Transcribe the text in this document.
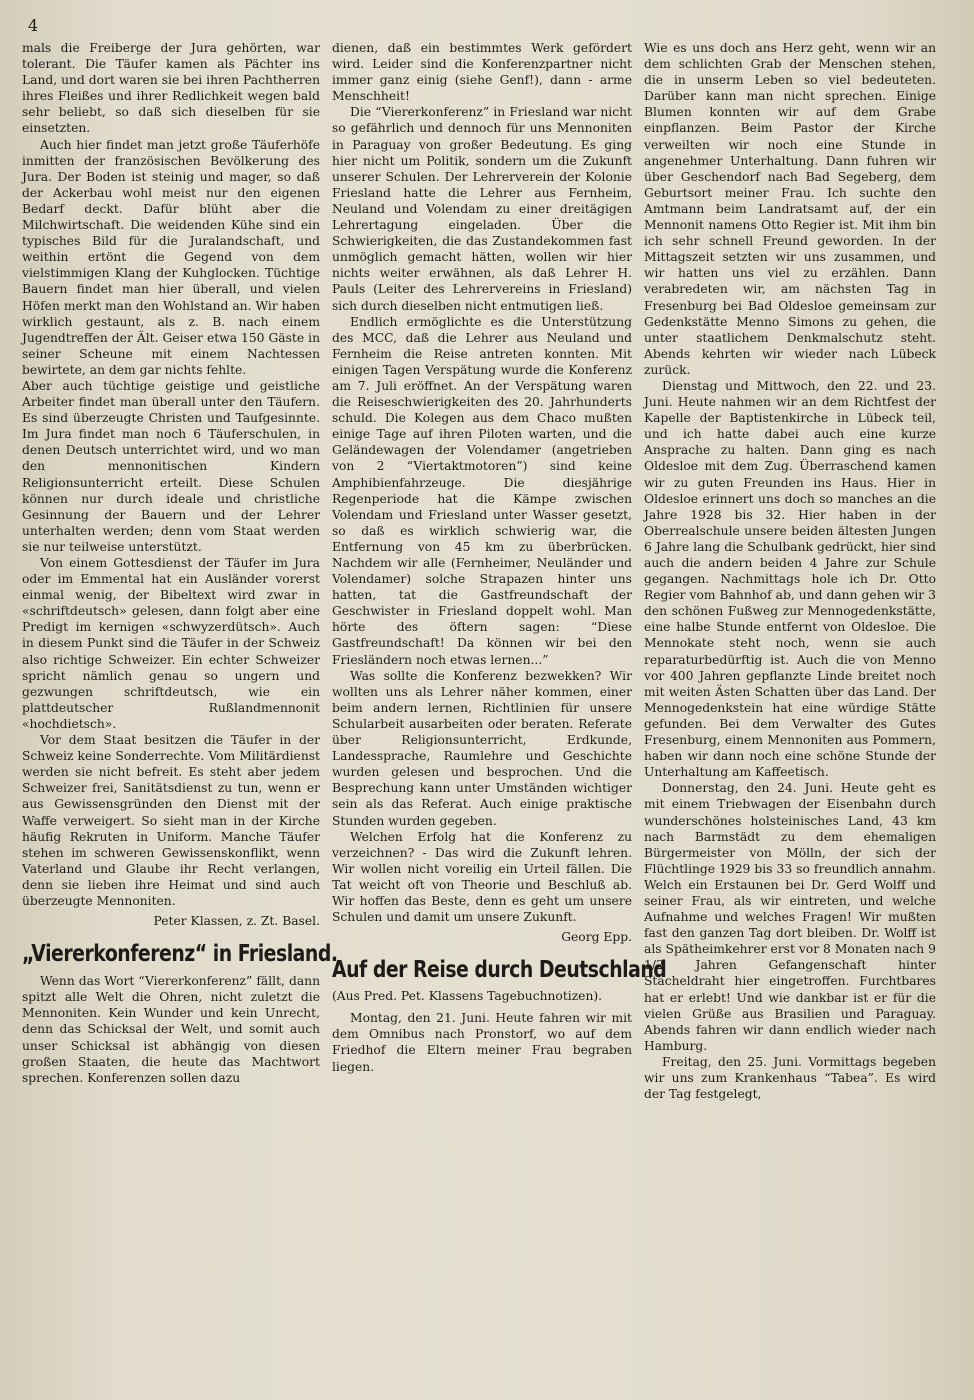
4

mals die Freiberge der Jura gehörten, war tolerant. Die Täufer kamen als Pächter ins Land, und dort waren sie bei ihren Pachtherren ihres Fleißes und ihrer Redlichkeit wegen bald sehr beliebt, so daß sich dieselben für sie einsetzten.

Auch hier findet man jetzt große Täuferhöfe inmitten der französischen Bevölkerung des Jura. Der Boden ist steinig und mager, so daß der Ackerbau wohl meist nur den eigenen Bedarf deckt. Dafür blüht aber die Milchwirtschaft. Die weidenden Kühe sind ein typisches Bild für die Juralandschaft, und weithin ertönt die Gegend von dem vielstimmigen Klang der Kuhglocken. Tüchtige Bauern findet man hier überall, und vielen Höfen merkt man den Wohlstand an. Wir haben wirklich gestaunt, als z. B. nach einem Jugendtreffen der Ält. Geiser etwa 150 Gäste in seiner Scheune mit einem Nachtessen bewirtete, an dem gar nichts fehlte.

Aber auch tüchtige geistige und geistliche Arbeiter findet man überall unter den Täufern. Es sind überzeugte Christen und Taufgesinnte. Im Jura findet man noch 6 Täuferschulen, in denen Deutsch unterrichtet wird, und wo man den mennonitischen Kindern Religionsunterricht erteilt. Diese Schulen können nur durch ideale und christliche Gesinnung der Bauern und der Lehrer unterhalten werden; denn vom Staat werden sie nur teilweise unterstützt.

Von einem Gottesdienst der Täufer im Jura oder im Emmental hat ein Ausländer vorerst einmal wenig, der Bibeltext wird zwar in «schriftdeutsch» gelesen, dann folgt aber eine Predigt im kernigen «schwyzerdütsch». Auch in diesem Punkt sind die Täufer in der Schweiz also richtige Schweizer. Ein echter Schweizer spricht nämlich genau so ungern und gezwungen schriftdeutsch, wie ein plattdeutscher Rußlandmennonit «hochdietsch».

Vor dem Staat besitzen die Täufer in der Schweiz keine Sonderrechte. Vom Militärdienst werden sie nicht befreit. Es steht aber jedem Schweizer frei, Sanitätsdienst zu tun, wenn er aus Gewissensgründen den Dienst mit der Waffe verweigert. So sieht man in der Kirche häufig Rekruten in Uniform. Manche Täufer stehen im schweren Gewissenskonflikt, wenn Vaterland und Glaube ihr Recht verlangen, denn sie lieben ihre Heimat und sind auch überzeugte Mennoniten.

Peter Klassen, z. Zt. Basel.

„Viererkonferenz“ in Friesland.

Wenn das Wort “Viererkonferenz” fällt, dann spitzt alle Welt die Ohren, nicht zuletzt die Mennoniten. Kein Wunder und kein Unrecht, denn das Schicksal der Welt, und somit auch unser Schicksal ist abhängig von diesen großen Staaten, die heute das Machtwort sprechen. Konferenzen sollen dazu

dienen, daß ein bestimmtes Werk gefördert wird. Leider sind die Konferenzpartner nicht immer ganz einig (siehe Genf!), dann - arme Menschheit!

Die “Viererkonferenz” in Friesland war nicht so gefährlich und dennoch für uns Mennoniten in Paraguay von großer Bedeutung. Es ging hier nicht um Politik, sondern um die Zukunft unserer Schulen. Der Lehrerverein der Kolonie Friesland hatte die Lehrer aus Fernheim, Neuland und Volendam zu einer dreitägigen Lehrertagung eingeladen. Über die Schwierigkeiten, die das Zustandekommen fast unmöglich gemacht hätten, wollen wir hier nichts weiter erwähnen, als daß Lehrer H. Pauls (Leiter des Lehrervereins in Friesland) sich durch dieselben nicht entmutigen ließ.

Endlich ermöglichte es die Unterstützung des MCC, daß die Lehrer aus Neuland und Fernheim die Reise antreten konnten. Mit einigen Tagen Verspätung wurde die Konferenz am 7. Juli eröffnet. An der Verspätung waren die Reiseschwierigkeiten des 20. Jahrhunderts schuld. Die Kolegen aus dem Chaco mußten einige Tage auf ihren Piloten warten, und die Geländewagen der Volendamer (angetrieben von 2 “Viertaktmotoren”) sind keine Amphibienfahrzeuge. Die diesjährige Regenperiode hat die Kämpe zwischen Volendam und Friesland unter Wasser gesetzt, so daß es wirklich schwierig war, die Entfernung von 45 km zu überbrücken. Nachdem wir alle (Fernheimer, Neuländer und Volendamer) solche Strapazen hinter uns hatten, tat die Gastfreundschaft der Geschwister in Friesland doppelt wohl. Man hörte des öftern sagen: “Diese Gastfreundschaft! Da können wir bei den Friesländern noch etwas lernen...”

Was sollte die Konferenz bezwekken? Wir wollten uns als Lehrer näher kommen, einer beim andern lernen, Richtlinien für unsere Schularbeit ausarbeiten oder beraten. Referate über Religionsunterricht, Erdkunde, Landessprache, Raumlehre und Geschichte wurden gelesen und besprochen. Und die Besprechung kann unter Umständen wichtiger sein als das Referat. Auch einige praktische Stunden wurden gegeben.

Welchen Erfolg hat die Konferenz zu verzeichnen? - Das wird die Zukunft lehren. Wir wollen nicht voreilig ein Urteil fällen. Die Tat weicht oft von Theorie und Beschluß ab. Wir hoffen das Beste, denn es geht um unsere Schulen und damit um unsere Zukunft.

Georg Epp.

Auf der Reise durch Deutschland

(Aus Pred. Pet. Klassens Tagebuchnotizen).

Montag, den 21. Juni. Heute fahren wir mit dem Omnibus nach Pronstorf, wo auf dem Friedhof die Eltern meiner Frau begraben liegen.

Wie es uns doch ans Herz geht, wenn wir an dem schlichten Grab der Menschen stehen, die in unserm Leben so viel bedeuteten. Darüber kann man nicht sprechen. Einige Blumen konnten wir auf dem Grabe einpflanzen. Beim Pastor der Kirche verweilten wir noch eine Stunde in angenehmer Unterhaltung. Dann fuhren wir über Geschendorf nach Bad Segeberg, dem Geburtsort meiner Frau. Ich suchte den Amtmann beim Landratsamt auf, der ein Mennonit namens Otto Regier ist. Mit ihm bin ich sehr schnell Freund geworden. In der Mittagszeit setzten wir uns zusammen, und wir hatten uns viel zu erzählen. Dann verabredeten wir, am nächsten Tag in Fresenburg bei Bad Oldesloe gemeinsam zur Gedenkstätte Menno Simons zu gehen, die unter staatlichem Denkmalschutz steht. Abends kehrten wir wieder nach Lübeck zurück.

Dienstag und Mittwoch, den 22. und 23. Juni. Heute nahmen wir an dem Richtfest der Kapelle der Baptistenkirche in Lübeck teil, und ich hatte dabei auch eine kurze Ansprache zu halten. Dann ging es nach Oldesloe mit dem Zug. Überraschend kamen wir zu guten Freunden ins Haus. Hier in Oldesloe erinnert uns doch so manches an die Jahre 1928 bis 32. Hier haben in der Oberrealschule unsere beiden ältesten Jungen 6 Jahre lang die Schulbank gedrückt, hier sind auch die andern beiden 4 Jahre zur Schule gegangen. Nachmittags hole ich Dr. Otto Regier vom Bahnhof ab, und dann gehen wir 3 den schönen Fußweg zur Mennogedenkstätte, eine halbe Stunde entfernt von Oldesloe. Die Mennokate steht noch, wenn sie auch reparaturbedürftig ist. Auch die von Menno vor 400 Jahren gepflanzte Linde breitet noch mit weiten Ästen Schatten über das Land. Der Mennogedenkstein hat eine würdige Stätte gefunden. Bei dem Verwalter des Gutes Fresenburg, einem Mennoniten aus Pommern, haben wir dann noch eine schöne Stunde der Unterhaltung am Kaffeetisch.

Donnerstag, den 24. Juni. Heute geht es mit einem Triebwagen der Eisenbahn durch wunderschönes holsteinisches Land, 43 km nach Barmstädt zu dem ehemaligen Bürgermeister von Mölln, der sich der Flüchtlinge 1929 bis 33 so freundlich annahm. Welch ein Erstaunen bei Dr. Gerd Wolff und seiner Frau, als wir eintreten, und welche Aufnahme und welches Fragen! Wir mußten fast den ganzen Tag dort bleiben. Dr. Wolff ist als Spätheimkehrer erst vor 8 Monaten nach 9 1/2 Jahren Gefangenschaft hinter Stacheldraht hier eingetroffen. Furchtbares hat er erlebt! Und wie dankbar ist er für die vielen Grüße aus Brasilien und Paraguay. Abends fahren wir dann endlich wieder nach Hamburg.

Freitag, den 25. Juni. Vormittags begeben wir uns zum Krankenhaus “Tabea”. Es wird der Tag festgelegt,
